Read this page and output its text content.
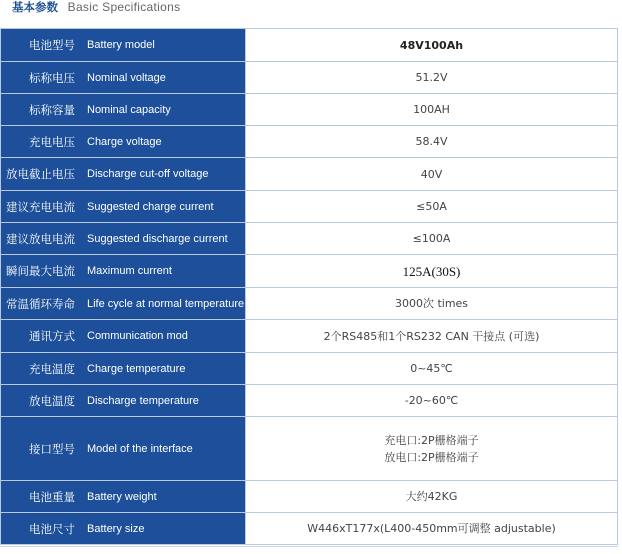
基本参数 Basic Specifications
电池型号 Battery model	48V100Ah

标称电压 Nominal voltage	51.2V

标称容量 Nominal capacity	100AH

充电电压 Charge voltage	58.4V

放电截止电压 Discharge cut-off voltage	40V

建议充电电流 Suggested charge current	≤50A

建议放电电流 Suggested discharge current	≤100A

瞬间最大电流 Maximum current	125A(30S)

常温循环寿命 Life cycle at normal temperature	3000次 times

通讯方式 Communication mod	2个RS485和1个RS232 CAN 干接点 (可选)

充电温度 Charge temperature	0~45℃

放电温度 Discharge temperature	-20~60℃

接口型号 Model of the interface	充电口:2P栅格端子
放电口:2P栅格端子

电池重量 Battery weight	大约42KG

电池尺寸 Battery size	W446xT177x(L400-450mm可调整 adjustable)
